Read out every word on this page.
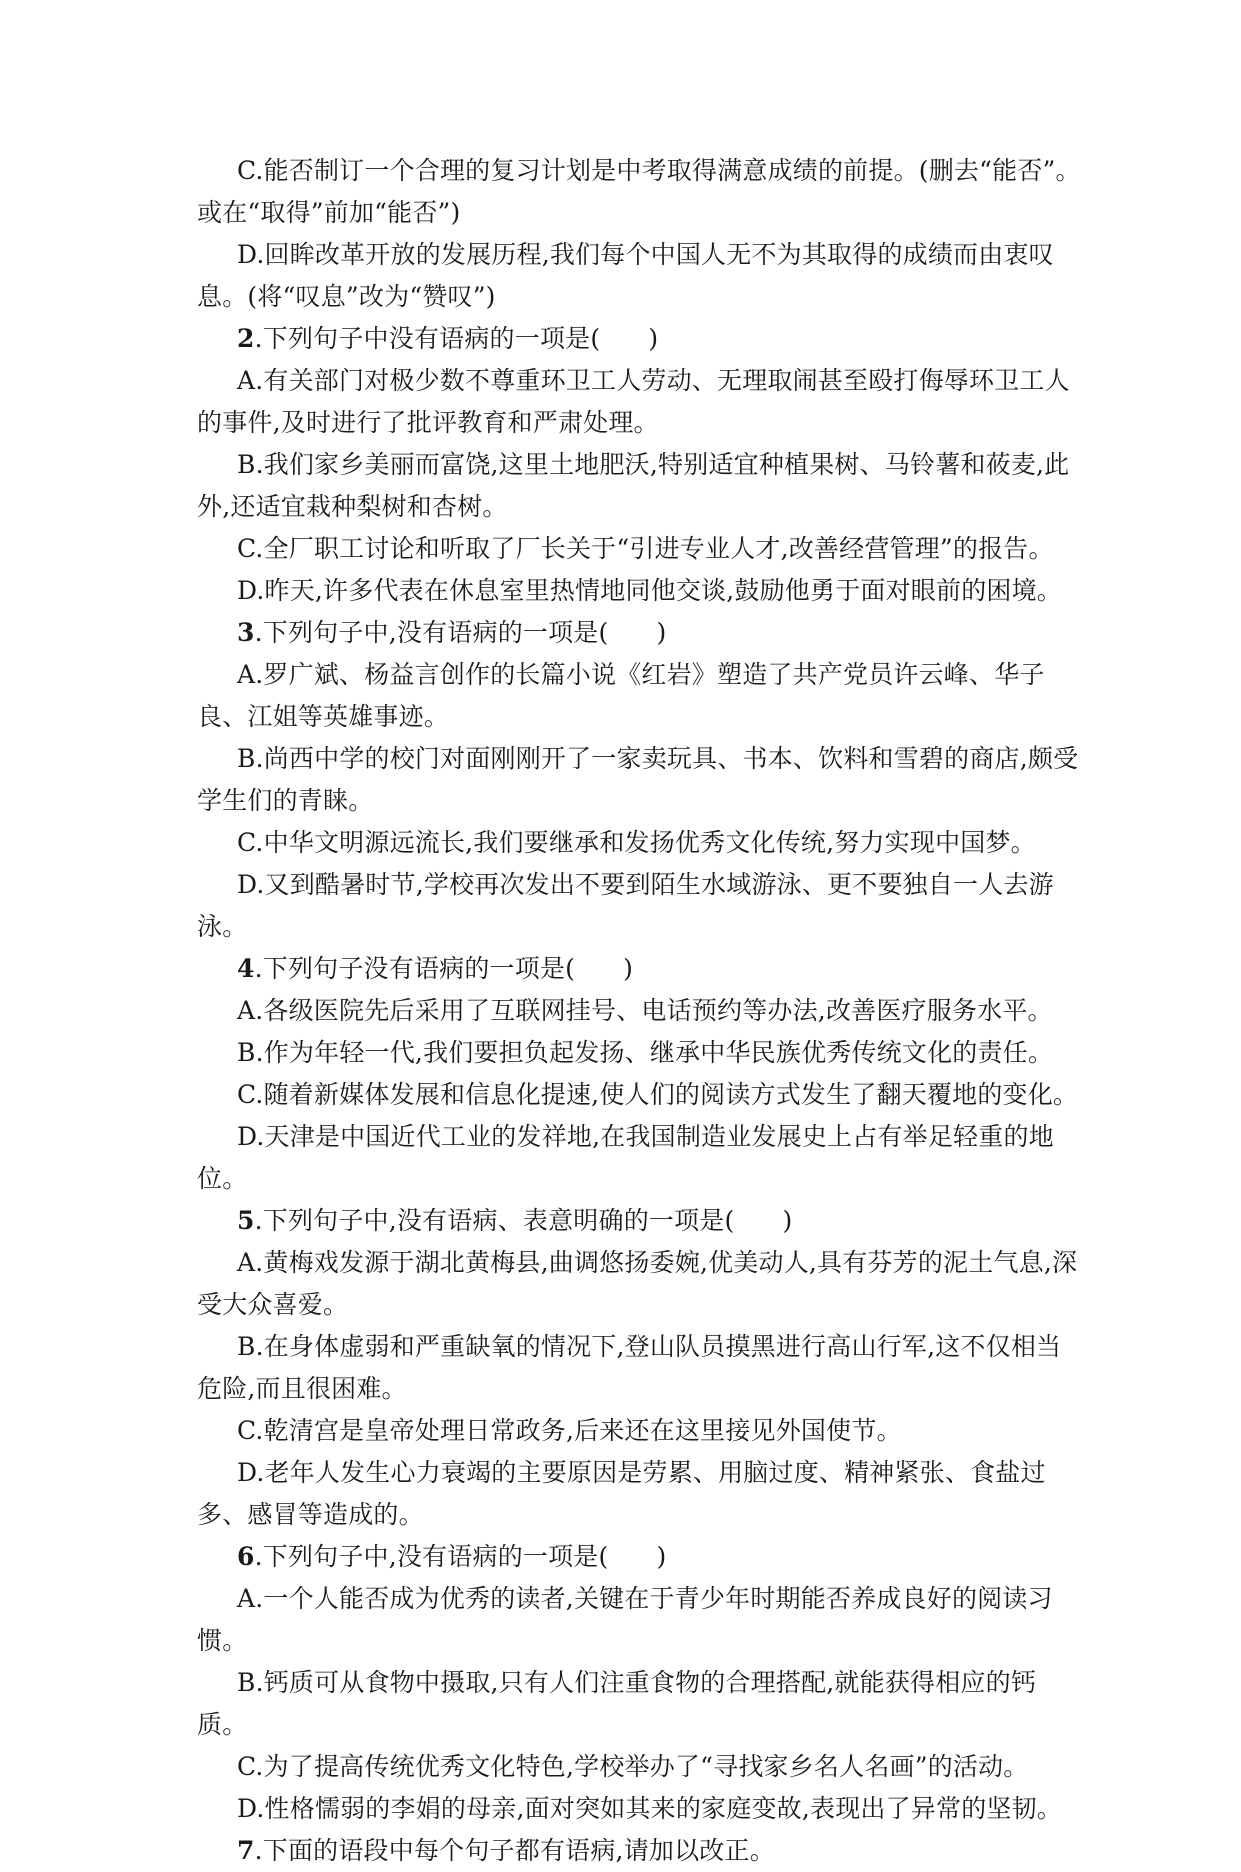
C.能否制订一个合理的复习计划是中考取得满意成绩的前提。(删去“能否”。或在“取得”前加“能否”)

D.回眸改革开放的发展历程,我们每个中国人无不为其取得的成绩而由衷叹息。(将“叹息”改为“赞叹”)

2.下列句子中没有语病的一项是( )

A.有关部门对极少数不尊重环卫工人劳动、无理取闹甚至殴打侮辱环卫工人的事件,及时进行了批评教育和严肃处理。

B.我们家乡美丽而富饶,这里土地肥沃,特别适宜种植果树、马铃薯和莜麦,此外,还适宜栽种梨树和杏树。

C.全厂职工讨论和听取了厂长关于“引进专业人才,改善经营管理”的报告。

D.昨天,许多代表在休息室里热情地同他交谈,鼓励他勇于面对眼前的困境。

3.下列句子中,没有语病的一项是( )

A.罗广斌、杨益言创作的长篇小说《红岩》塑造了共产党员许云峰、华子良、江姐等英雄事迹。

B.尚西中学的校门对面刚刚开了一家卖玩具、书本、饮料和雪碧的商店,颇受学生们的青睐。

C.中华文明源远流长,我们要继承和发扬优秀文化传统,努力实现中国梦。

D.又到酷暑时节,学校再次发出不要到陌生水域游泳、更不要独自一人去游泳。

4.下列句子没有语病的一项是( )

A.各级医院先后采用了互联网挂号、电话预约等办法,改善医疗服务水平。

B.作为年轻一代,我们要担负起发扬、继承中华民族优秀传统文化的责任。

C.随着新媒体发展和信息化提速,使人们的阅读方式发生了翻天覆地的变化。

D.天津是中国近代工业的发祥地,在我国制造业发展史上占有举足轻重的地位。

5.下列句子中,没有语病、表意明确的一项是( )

A.黄梅戏发源于湖北黄梅县,曲调悠扬委婉,优美动人,具有芬芳的泥土气息,深受大众喜爱。

B.在身体虚弱和严重缺氧的情况下,登山队员摸黑进行高山行军,这不仅相当危险,而且很困难。

C.乾清宫是皇帝处理日常政务,后来还在这里接见外国使节。

D.老年人发生心力衰竭的主要原因是劳累、用脑过度、精神紧张、食盐过多、感冒等造成的。

6.下列句子中,没有语病的一项是( )

A.一个人能否成为优秀的读者,关键在于青少年时期能否养成良好的阅读习惯。

B.钙质可从食物中摄取,只有人们注重食物的合理搭配,就能获得相应的钙质。

C.为了提高传统优秀文化特色,学校举办了“寻找家乡名人名画”的活动。

D.性格懦弱的李娟的母亲,面对突如其来的家庭变故,表现出了异常的坚韧。

7.下面的语段中每个句子都有语病,请加以改正。
